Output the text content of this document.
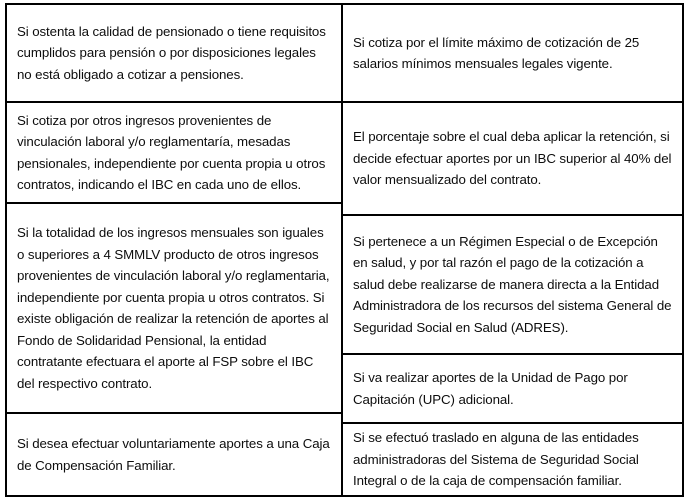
Si ostenta la calidad de pensionado o tiene requisitos cumplidos para pensión o por disposiciones legales no está obligado a cotizar a pensiones.
Si cotiza por otros ingresos provenientes de vinculación laboral y/o reglamentaría, mesadas pensionales, independiente por cuenta propia u otros contratos, indicando el IBC en cada uno de ellos.
Si la totalidad de los ingresos mensuales son iguales o superiores a 4 SMMLV producto de otros ingresos provenientes de vinculación laboral y/o reglamentaria, independiente por cuenta propia u otros contratos. Si existe obligación de realizar la retención de aportes al Fondo de Solidaridad Pensional, la entidad contratante efectuara el aporte al FSP sobre el IBC del respectivo contrato.
Si desea efectuar voluntariamente aportes a una Caja de Compensación Familiar.
Si cotiza por el límite máximo de cotización de 25 salarios mínimos mensuales legales vigente.
El porcentaje sobre el cual deba aplicar la retención, si decide efectuar aportes por un IBC superior al 40% del valor mensualizado del contrato.
Si pertenece a un Régimen Especial o de Excepción en salud, y por tal razón el pago de la cotización a salud debe realizarse de manera directa a la Entidad Administradora de los recursos del sistema General de Seguridad Social en Salud (ADRES).
Si va realizar aportes de la Unidad de Pago por Capitación (UPC) adicional.
Si se efectuó traslado en alguna de las entidades administradoras del Sistema de Seguridad Social Integral o de la caja de compensación familiar.
